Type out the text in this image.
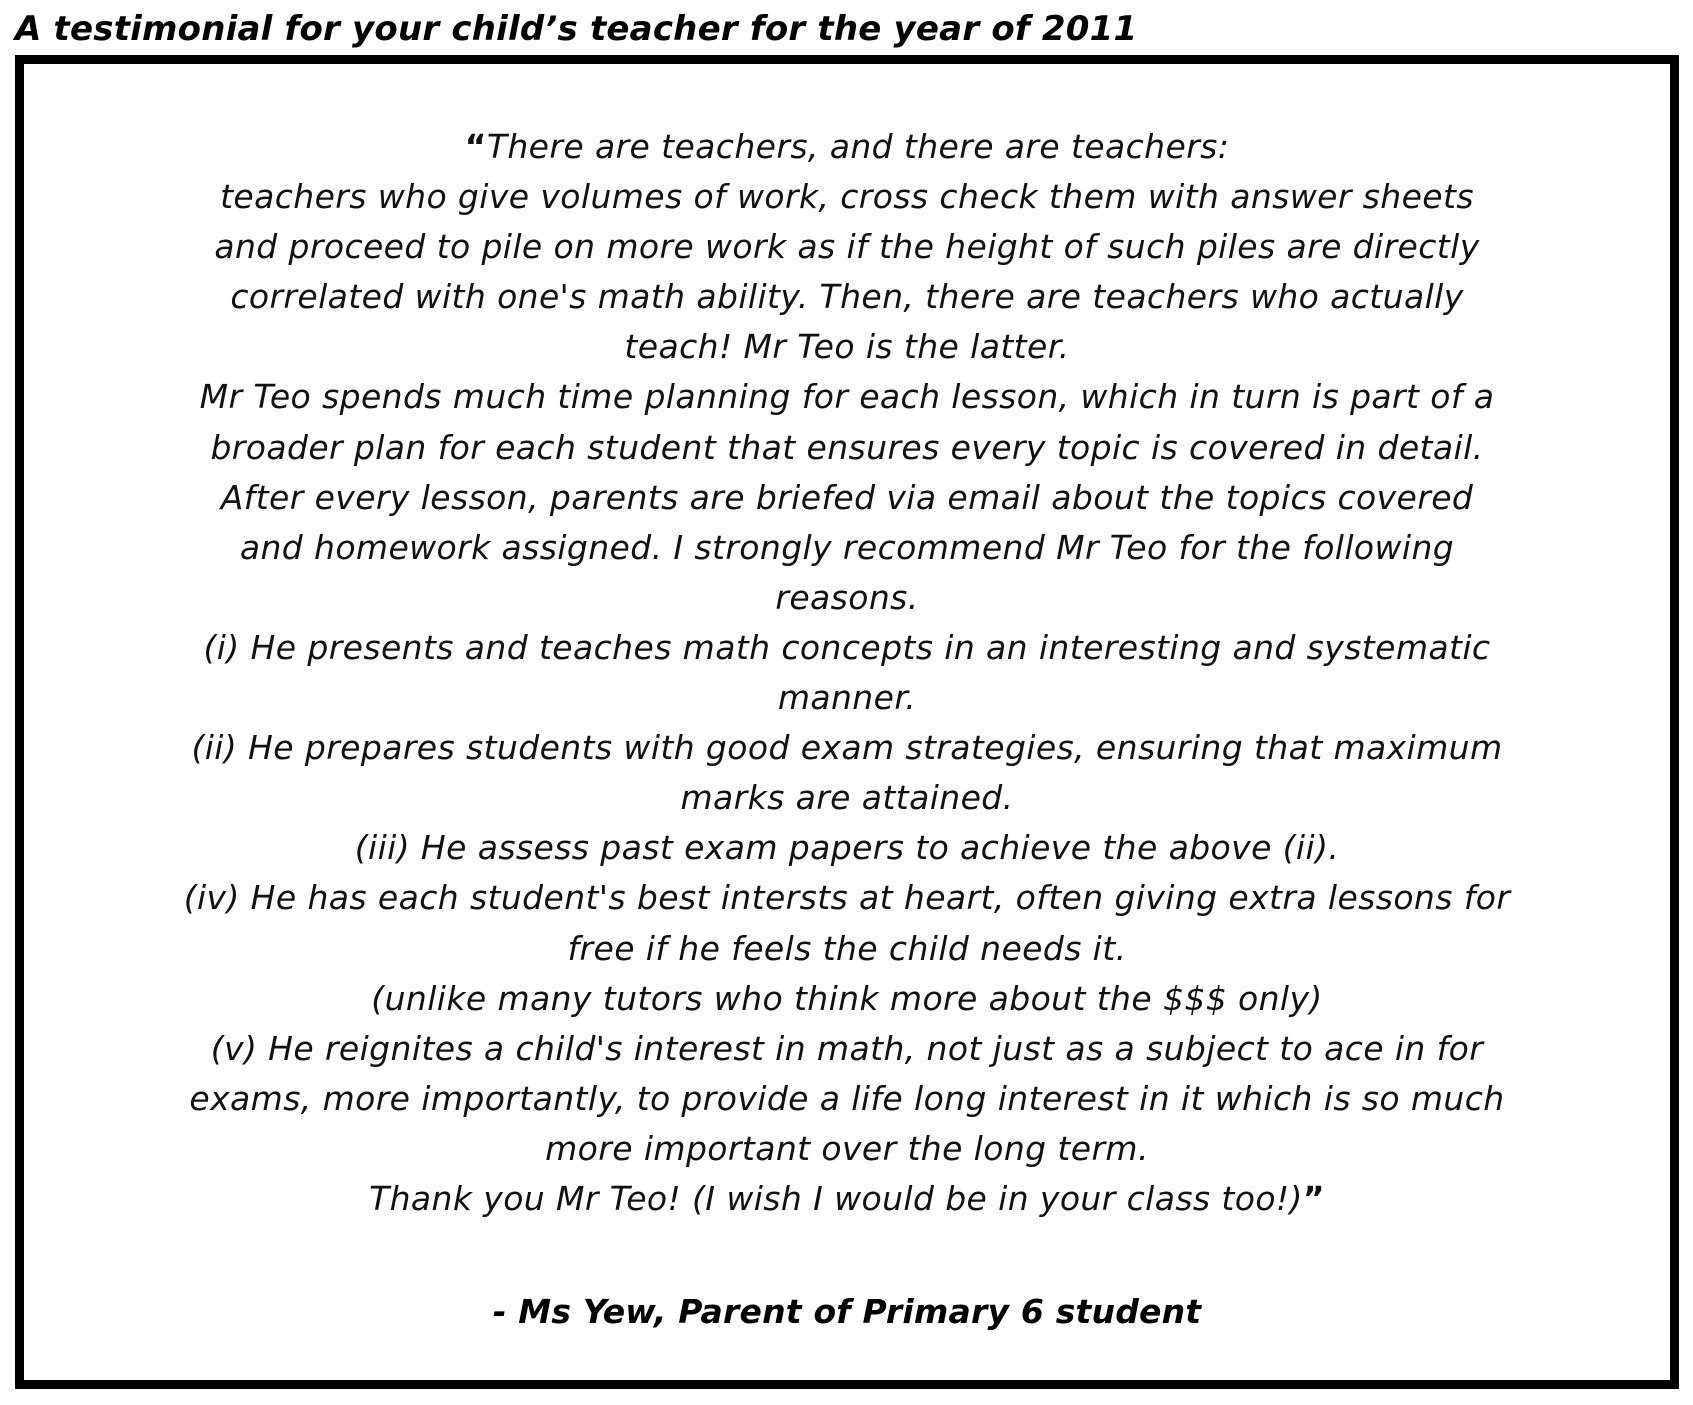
A testimonial for your child’s teacher for the year of 2011

“There are teachers, and there are teachers:
teachers who give volumes of work, cross check them with answer sheets
and proceed to pile on more work as if the height of such piles are directly
correlated with one's math ability. Then, there are teachers who actually
teach! Mr Teo is the latter.
Mr Teo spends much time planning for each lesson, which in turn is part of a
broader plan for each student that ensures every topic is covered in detail.
After every lesson, parents are briefed via email about the topics covered
and homework assigned. I strongly recommend Mr Teo for the following
reasons.
(i) He presents and teaches math concepts in an interesting and systematic
manner.
(ii) He prepares students with good exam strategies, ensuring that maximum
marks are attained.
(iii) He assess past exam papers to achieve the above (ii).
(iv) He has each student's best intersts at heart, often giving extra lessons for
free if he feels the child needs it.
(unlike many tutors who think more about the $$$ only)
(v) He reignites a child's interest in math, not just as a subject to ace in for
exams, more importantly, to provide a life long interest in it which is so much
more important over the long term.
Thank you Mr Teo! (I wish I would be in your class too!)”

- Ms Yew, Parent of Primary 6 student
